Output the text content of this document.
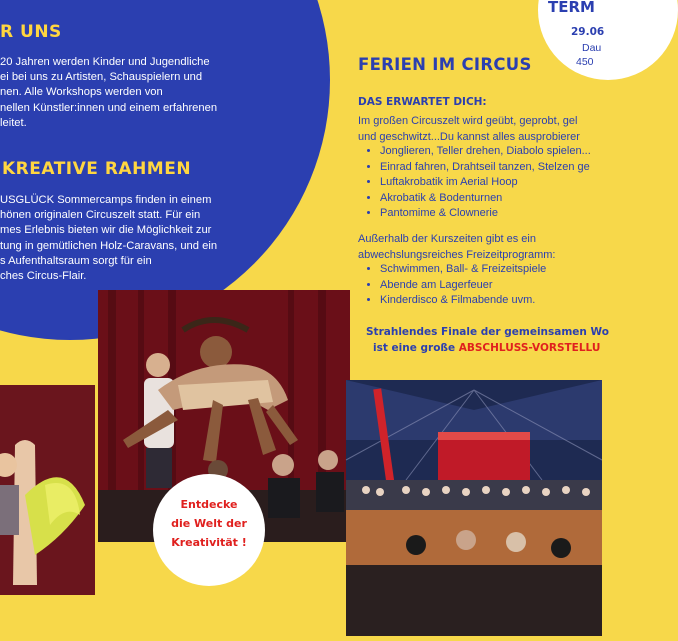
R UNS
20 Jahren werden Kinder und Jugendliche
ei bei uns zu Artisten, Schauspielern und
nen. Alle Workshops werden von
nellen Künstler:innen und einem erfahrenen
leitet.
KREATIVE RAHMEN
USGLÜCK Sommercamps finden in einem
hönen originalen Circuszelt statt. Für ein
mes Erlebnis bieten wir die Möglichkeit zur
tung in gemütlichen Holz-Caravans, und ein
s Aufenthaltsraum sorgt für ein
ches Circus-Flair.
TERM
29.06
Dau
450
FERIEN IM CIRCUS
DAS ERWARTET DICH:
Im großen Circuszelt wird geübt, geprobt, gel
und geschwitzt...Du kannst alles ausprobierer
• Jonglieren, Teller drehen, Diabolo spielen...
• Einrad fahren, Drahtseil tanzen, Stelzen ge
• Luftakrobatik im Aerial Hoop
• Akrobatik & Bodenturnen
• Pantomime & Clownerie
Außerhalb der Kurszeiten gibt es ein
abwechslungsreiches Freizeitprogramm:
• Schwimmen, Ball- & Freizeitspiele
• Abende am Lagerfeuer
• Kinderdisco & Filmabende uvm.
Strahlendes Finale der gemeinsamen Wo
ist eine große ABSCHLUSS-VORSTELLU
Entdecke
die Welt der
Kreativität !
